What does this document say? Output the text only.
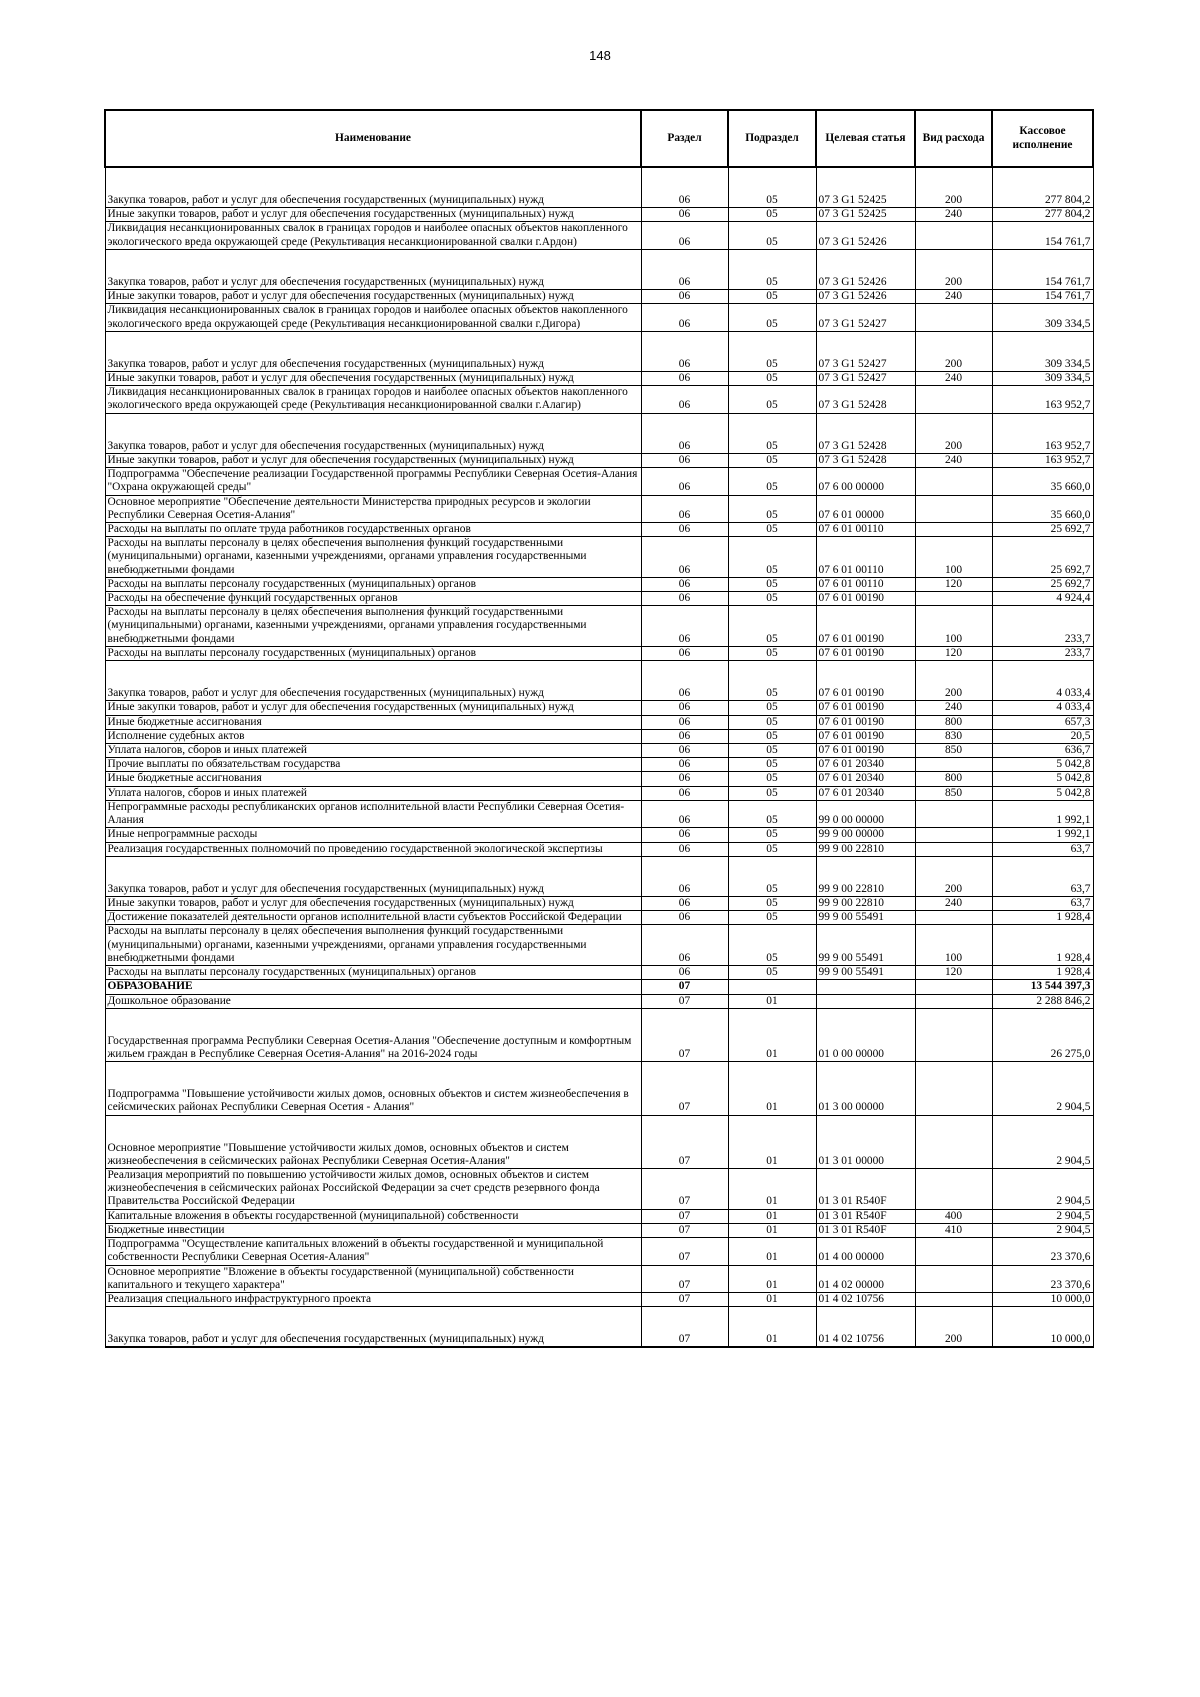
148
Наименование	Раздел	Подраздел	Целевая статья	Вид расхода	Кассовое исполнение

Закупка товаров, работ и услуг для обеспечения государственных (муниципальных) нужд	06	05	07 3 G1 52425	200	277 804,2
Иные закупки товаров, работ и услуг для обеспечения государственных (муниципальных) нужд	06	05	07 3 G1 52425	240	277 804,2
Ликвидация несанкционированных свалок в границах городов и наиболее опасных объектов накопленного экологического вреда окружающей среде (Рекультивация несанкционированной свалки г.Ардон)	06	05	07 3 G1 52426		154 761,7

Закупка товаров, работ и услуг для обеспечения государственных (муниципальных) нужд	06	05	07 3 G1 52426	200	154 761,7
Иные закупки товаров, работ и услуг для обеспечения государственных (муниципальных) нужд	06	05	07 3 G1 52426	240	154 761,7
Ликвидация несанкционированных свалок в границах городов и наиболее опасных объектов накопленного экологического вреда окружающей среде (Рекультивация несанкционированной свалки г.Дигора)	06	05	07 3 G1 52427		309 334,5

Закупка товаров, работ и услуг для обеспечения государственных (муниципальных) нужд	06	05	07 3 G1 52427	200	309 334,5
Иные закупки товаров, работ и услуг для обеспечения государственных (муниципальных) нужд	06	05	07 3 G1 52427	240	309 334,5
Ликвидация несанкционированных свалок в границах городов и наиболее опасных объектов накопленного экологического вреда окружающей среде (Рекультивация несанкционированной свалки г.Алагир)	06	05	07 3 G1 52428		163 952,7

Закупка товаров, работ и услуг для обеспечения государственных (муниципальных) нужд	06	05	07 3 G1 52428	200	163 952,7
Иные закупки товаров, работ и услуг для обеспечения государственных (муниципальных) нужд	06	05	07 3 G1 52428	240	163 952,7
Подпрограмма "Обеспечение реализации Государственной программы Республики Северная Осетия-Алания "Охрана окружающей среды"	06	05	07 6 00 00000		35 660,0
Основное мероприятие "Обеспечение деятельности Министерства природных ресурсов и экологии Республики Северная Осетия-Алания"	06	05	07 6 01 00000		35 660,0
Расходы на выплаты по оплате труда работников государственных органов	06	05	07 6 01 00110		25 692,7
Расходы на выплаты персоналу в целях обеспечения выполнения функций государственными (муниципальными) органами, казенными учреждениями, органами управления государственными внебюджетными фондами	06	05	07 6 01 00110	100	25 692,7
Расходы на выплаты персоналу государственных (муниципальных) органов	06	05	07 6 01 00110	120	25 692,7
Расходы на обеспечение функций государственных органов	06	05	07 6 01 00190		4 924,4
Расходы на выплаты персоналу в целях обеспечения выполнения функций государственными (муниципальными) органами, казенными учреждениями, органами управления государственными внебюджетными фондами	06	05	07 6 01 00190	100	233,7
Расходы на выплаты персоналу государственных (муниципальных) органов	06	05	07 6 01 00190	120	233,7

Закупка товаров, работ и услуг для обеспечения государственных (муниципальных) нужд	06	05	07 6 01 00190	200	4 033,4
Иные закупки товаров, работ и услуг для обеспечения государственных (муниципальных) нужд	06	05	07 6 01 00190	240	4 033,4
Иные бюджетные ассигнования	06	05	07 6 01 00190	800	657,3
Исполнение судебных актов	06	05	07 6 01 00190	830	20,5
Уплата налогов, сборов и иных платежей	06	05	07 6 01 00190	850	636,7
Прочие выплаты по обязательствам государства	06	05	07 6 01 20340		5 042,8
Иные бюджетные ассигнования	06	05	07 6 01 20340	800	5 042,8
Уплата налогов, сборов и иных платежей	06	05	07 6 01 20340	850	5 042,8
Непрограммные расходы республиканских органов исполнительной власти Республики Северная Осетия-Алания	06	05	99 0 00 00000		1 992,1
Иные непрограммные расходы	06	05	99 9 00 00000		1 992,1
Реализация государственных полномочий по проведению государственной экологической экспертизы	06	05	99 9 00 22810		63,7

Закупка товаров, работ и услуг для обеспечения государственных (муниципальных) нужд	06	05	99 9 00 22810	200	63,7
Иные закупки товаров, работ и услуг для обеспечения государственных (муниципальных) нужд	06	05	99 9 00 22810	240	63,7
Достижение показателей деятельности органов исполнительной власти субъектов Российской Федерации	06	05	99 9 00 55491		1 928,4
Расходы на выплаты персоналу в целях обеспечения выполнения функций государственными (муниципальными) органами, казенными учреждениями, органами управления государственными внебюджетными фондами	06	05	99 9 00 55491	100	1 928,4
Расходы на выплаты персоналу государственных (муниципальных) органов	06	05	99 9 00 55491	120	1 928,4
ОБРАЗОВАНИЕ	07				13 544 397,3
Дошкольное образование	07	01			2 288 846,2

Государственная программа Республики Северная Осетия-Алания "Обеспечение доступным и комфортным жильем граждан в Республике Северная Осетия-Алания" на 2016-2024 годы	07	01	01 0 00 00000		26 275,0

Подпрограмма "Повышение устойчивости жилых домов, основных объектов и систем жизнеобеспечения в сейсмических районах Республики Северная Осетия - Алания"	07	01	01 3 00 00000		2 904,5

Основное мероприятие "Повышение устойчивости жилых домов, основных объектов и систем жизнеобеспечения в сейсмических районах Республики Северная Осетия-Алания"	07	01	01 3 01 00000		2 904,5
Реализация мероприятий по повышению устойчивости жилых домов, основных объектов и систем жизнеобеспечения в сейсмических районах Российской Федерации за счет средств резервного фонда Правительства Российской Федерации	07	01	01 3 01 R540F		2 904,5
Капитальные вложения в объекты государственной (муниципальной) собственности	07	01	01 3 01 R540F	400	2 904,5
Бюджетные инвестиции	07	01	01 3 01 R540F	410	2 904,5
Подпрограмма "Осуществление капитальных вложений в объекты государственной и муниципальной собственности Республики Северная Осетия-Алания"	07	01	01 4 00 00000		23 370,6
Основное мероприятие "Вложение в объекты государственной (муниципальной) собственности капитального и текущего характера"	07	01	01 4 02 00000		23 370,6
Реализация специального инфраструктурного проекта	07	01	01 4 02 10756		10 000,0

Закупка товаров, работ и услуг для обеспечения государственных (муниципальных) нужд	07	01	01 4 02 10756	200	10 000,0
